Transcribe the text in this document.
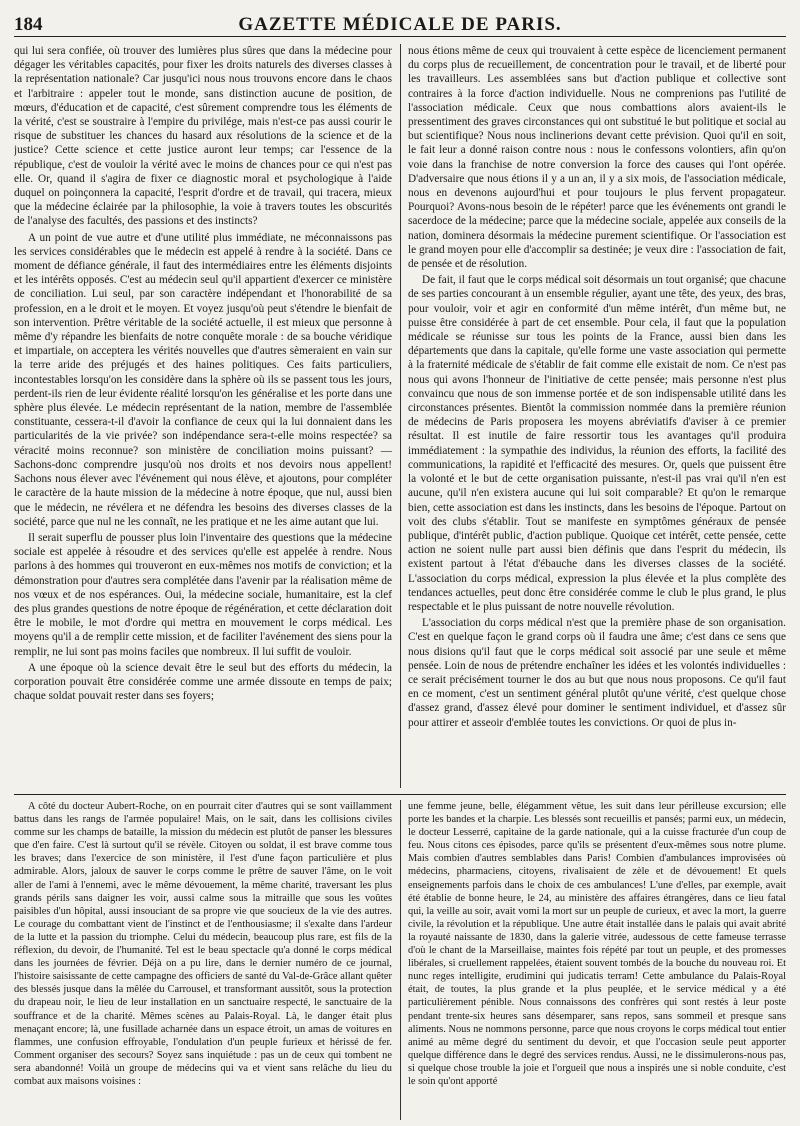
184	GAZETTE MÉDICALE DE PARIS.

qui lui sera confiée, où trouver des lumières plus sûres que dans la médecine pour dégager les véritables capacités, pour fixer les droits naturels des diverses classes à la représentation nationale? Car jusqu'ici nous nous trouvons encore dans le chaos et l'arbitraire : appeler tout le monde, sans distinction aucune de position, de mœurs, d'éducation et de capacité, c'est sûrement comprendre tous les éléments de la vérité, c'est se soustraire à l'empire du privilége, mais n'est-ce pas aussi courir le risque de substituer les chances du hasard aux résolutions de la science et de la justice? Cette science et cette justice auront leur temps; car l'essence de la république, c'est de vouloir la vérité avec le moins de chances pour ce qui n'est pas elle. Or, quand il s'agira de fixer ce diagnostic moral et psychologique à l'aide duquel on poinçonnera la capacité, l'esprit d'ordre et de travail, qui tracera, mieux que la médecine éclairée par la philosophie, la voie à travers toutes les obscurités de l'analyse des facultés, des passions et des instincts?

A un point de vue autre et d'une utilité plus immédiate, ne méconnaissons pas les services considérables que le médecin est appelé à rendre à la société. Dans ce moment de défiance générale, il faut des intermédiaires entre les éléments disjoints et les intérêts opposés. C'est au médecin seul qu'il appartient d'exercer ce ministère de conciliation. Lui seul, par son caractère indépendant et l'honorabilité de sa profession, en a le droit et le moyen. Et voyez jusqu'où peut s'étendre le bienfait de son intervention. Prêtre véritable de la société actuelle, il est mieux que personne à même d'y répandre les bienfaits de notre conquête morale : de sa bouche véridique et impartiale, on acceptera les vérités nouvelles que d'autres sèmeraient en vain sur la terre aride des préjugés et des haines politiques. Ces faits particuliers, incontestables lorsqu'on les considère dans la sphère où ils se passent tous les jours, perdent-ils rien de leur évidente réalité lorsqu'on les généralise et les porte dans une sphère plus élevée. Le médecin représentant de la nation, membre de l'assemblée constituante, cessera-t-il d'avoir la confiance de ceux qui la lui donnaient dans les particularités de la vie privée? son indépendance sera-t-elle moins respectée? sa véracité moins reconnue? son ministère de conciliation moins puissant? — Sachons-donc comprendre jusqu'où nos droits et nos devoirs nous appellent! Sachons nous élever avec l'événement qui nous élève, et ajoutons, pour compléter le caractère de la haute mission de la médecine à notre époque, que nul, aussi bien que le médecin, ne révélera et ne défendra les besoins des diverses classes de la société, parce que nul ne les connaît, ne les pratique et ne les aime autant que lui.

Il serait superflu de pousser plus loin l'inventaire des questions que la médecine sociale est appelée à résoudre et des services qu'elle est appelée à rendre. Nous parlons à des hommes qui trouveront en eux-mêmes nos motifs de conviction; et la démonstration pour d'autres sera complétée dans l'avenir par la réalisation même de nos vœux et de nos espérances. Oui, la médecine sociale, humanitaire, est la clef des plus grandes questions de notre époque de régénération, et cette déclaration doit être le mobile, le mot d'ordre qui mettra en mouvement le corps médical. Les moyens qu'il a de remplir cette mission, et de faciliter l'avénement des siens pour la remplir, ne lui sont pas moins faciles que nombreux. Il lui suffit de vouloir.

A une époque où la science devait être le seul but des efforts du médecin, la corporation pouvait être considérée comme une armée dissoute en temps de paix; chaque soldat pouvait rester dans ses foyers;

nous étions même de ceux qui trouvaient à cette espèce de licenciement permanent du corps plus de recueillement, de concentration pour le travail, et de liberté pour les travailleurs. Les assemblées sans but d'action publique et collective sont contraires à la force d'action individuelle. Nous ne comprenions pas l'utilité de l'association médicale. Ceux que nous combattions alors avaient-ils le pressentiment des graves circonstances qui ont substitué le but politique et social au but scientifique? Nous nous inclinerions devant cette prévision. Quoi qu'il en soit, le fait leur a donné raison contre nous : nous le confessons volontiers, afin qu'on voie dans la franchise de notre conversion la force des causes qui l'ont opérée. D'adversaire que nous étions il y a un an, il y a six mois, de l'association médicale, nous en devenons aujourd'hui et pour toujours le plus fervent propagateur. Pourquoi? Avons-nous besoin de le répéter! parce que les événements ont grandi le sacerdoce de la médecine; parce que la médecine sociale, appelée aux conseils de la nation, dominera désormais la médecine purement scientifique. Or l'association est le grand moyen pour elle d'accomplir sa destinée; je veux dire : l'association de fait, de pensée et de résolution.

De fait, il faut que le corps médical soit désormais un tout organisé; que chacune de ses parties concourant à un ensemble régulier, ayant une tête, des yeux, des bras, pour vouloir, voir et agir en conformité d'un même intérêt, d'un même but, ne puisse être considérée à part de cet ensemble. Pour cela, il faut que la population médicale se réunisse sur tous les points de la France, aussi bien dans les départements que dans la capitale, qu'elle forme une vaste association qui permette à la fraternité médicale de s'établir de fait comme elle existait de nom. Ce n'est pas nous qui avons l'honneur de l'initiative de cette pensée; mais personne n'est plus convaincu que nous de son immense portée et de son indispensable utilité dans les circonstances présentes. Bientôt la commission nommée dans la première réunion de médecins de Paris proposera les moyens abréviatifs d'aviser à ce premier résultat. Il est inutile de faire ressortir tous les avantages qu'il produira immédiatement : la sympathie des individus, la réunion des efforts, la facilité des communications, la rapidité et l'efficacité des mesures. Or, quels que puissent être la volonté et le but de cette organisation puissante, n'est-il pas vrai qu'il n'en est aucune, qu'il n'en existera aucune qui lui soit comparable? Et qu'on le remarque bien, cette association est dans les instincts, dans les besoins de l'époque. Partout on voit des clubs s'établir. Tout se manifeste en symptômes généraux de pensée publique, d'intérêt public, d'action publique. Quoique cet intérêt, cette pensée, cette action ne soient nulle part aussi bien définis que dans l'esprit du médecin, ils existent partout à l'état d'ébauche dans les diverses classes de la société. L'association du corps médical, expression la plus élevée et la plus complète des tendances actuelles, peut donc être considérée comme le club le plus grand, le plus respectable et le plus puissant de notre nouvelle révolution.

L'association du corps médical n'est que la première phase de son organisation. C'est en quelque façon le grand corps où il faudra une âme; c'est dans ce sens que nous disions qu'il faut que le corps médical soit associé par une seule et même pensée. Loin de nous de prétendre enchaîner les idées et les volontés individuelles : ce serait précisément tourner le dos au but que nous nous proposons. Ce qu'il faut en ce moment, c'est un sentiment général plutôt qu'une vérité, c'est quelque chose d'assez grand, d'assez élevé pour dominer le sentiment individuel, et d'assez sûr pour attirer et asseoir d'emblée toutes les convictions. Or quoi de plus in-

A côté du docteur Aubert-Roche, on en pourrait citer d'autres qui se sont vaillamment battus dans les rangs de l'armée populaire! Mais, on le sait, dans les collisions civiles comme sur les champs de bataille, la mission du médecin est plutôt de panser les blessures que d'en faire. C'est là surtout qu'il se révèle. Citoyen ou soldat, il est brave comme tous les braves; dans l'exercice de son ministère, il l'est d'une façon particulière et plus admirable. Alors, jaloux de sauver le corps comme le prêtre de sauver l'âme, on le voit aller de l'ami à l'ennemi, avec le même dévouement, la même charité, traversant les plus grands périls sans daigner les voir, aussi calme sous la mitraille que sous les voûtes paisibles d'un hôpital, aussi insouciant de sa propre vie que soucieux de la vie des autres. Le courage du combattant vient de l'instinct et de l'enthousiasme; il s'exalte dans l'ardeur de la lutte et la passion du triomphe. Celui du médecin, beaucoup plus rare, est fils de la réflexion, du devoir, de l'humanité. Tel est le beau spectacle qu'a donné le corps médical dans les journées de février. Déjà on a pu lire, dans le dernier numéro de ce journal, l'histoire saisissante de cette campagne des officiers de santé du Val-de-Grâce allant quêter des blessés jusque dans la mêlée du Carrousel, et transformant aussitôt, sous la protection du drapeau noir, le lieu de leur installation en un sanctuaire respecté, le sanctuaire de la souffrance et de la charité. Mêmes scènes au Palais-Royal. Là, le danger était plus menaçant encore; là, une fusillade acharnée dans un espace étroit, un amas de voitures en flammes, une confusion effroyable, l'ondulation d'un peuple furieux et hérissé de fer. Comment organiser des secours? Soyez sans inquiétude : pas un de ceux qui tombent ne sera abandonné! Voilà un groupe de médecins qui va et vient sans relâche du lieu du combat aux maisons voisines :

une femme jeune, belle, élégamment vêtue, les suit dans leur périlleuse excursion; elle porte les bandes et la charpie. Les blessés sont recueillis et pansés; parmi eux, un médecin, le docteur Lesserré, capitaine de la garde nationale, qui a la cuisse fracturée d'un coup de feu. Nous citons ces épisodes, parce qu'ils se présentent d'eux-mêmes sous notre plume. Mais combien d'autres semblables dans Paris! Combien d'ambulances improvisées où médecins, pharmaciens, citoyens, rivalisaient de zèle et de dévouement! Et quels enseignements parfois dans le choix de ces ambulances! L'une d'elles, par exemple, avait été établie de bonne heure, le 24, au ministère des affaires étrangères, dans ce lieu fatal qui, la veille au soir, avait vomi la mort sur un peuple de curieux, et avec la mort, la guerre civile, la révolution et la république. Une autre était installée dans le palais qui avait abrité la royauté naissante de 1830, dans la galerie vitrée, audessous de cette fameuse terrasse d'où le chant de la Marseillaise, maintes fois répété par tout un peuple, et des promesses libérales, si cruellement rappelées, étaient souvent tombés de la bouche du nouveau roi. Et nunc reges intelligite, erudimini qui judicatis terram! Cette ambulance du Palais-Royal était, de toutes, la plus grande et la plus peuplée, et le service médical y a été particulièrement pénible. Nous connaissons des confrères qui sont restés à leur poste pendant trente-six heures sans désemparer, sans repos, sans sommeil et presque sans aliments. Nous ne nommons personne, parce que nous croyons le corps médical tout entier animé au même degré du sentiment du devoir, et que l'occasion seule peut apporter quelque différence dans le degré des services rendus. Aussi, ne le dissimulerons-nous pas, si quelque chose trouble la joie et l'orgueil que nous a inspirés une si noble conduite, c'est le soin qu'ont apporté
